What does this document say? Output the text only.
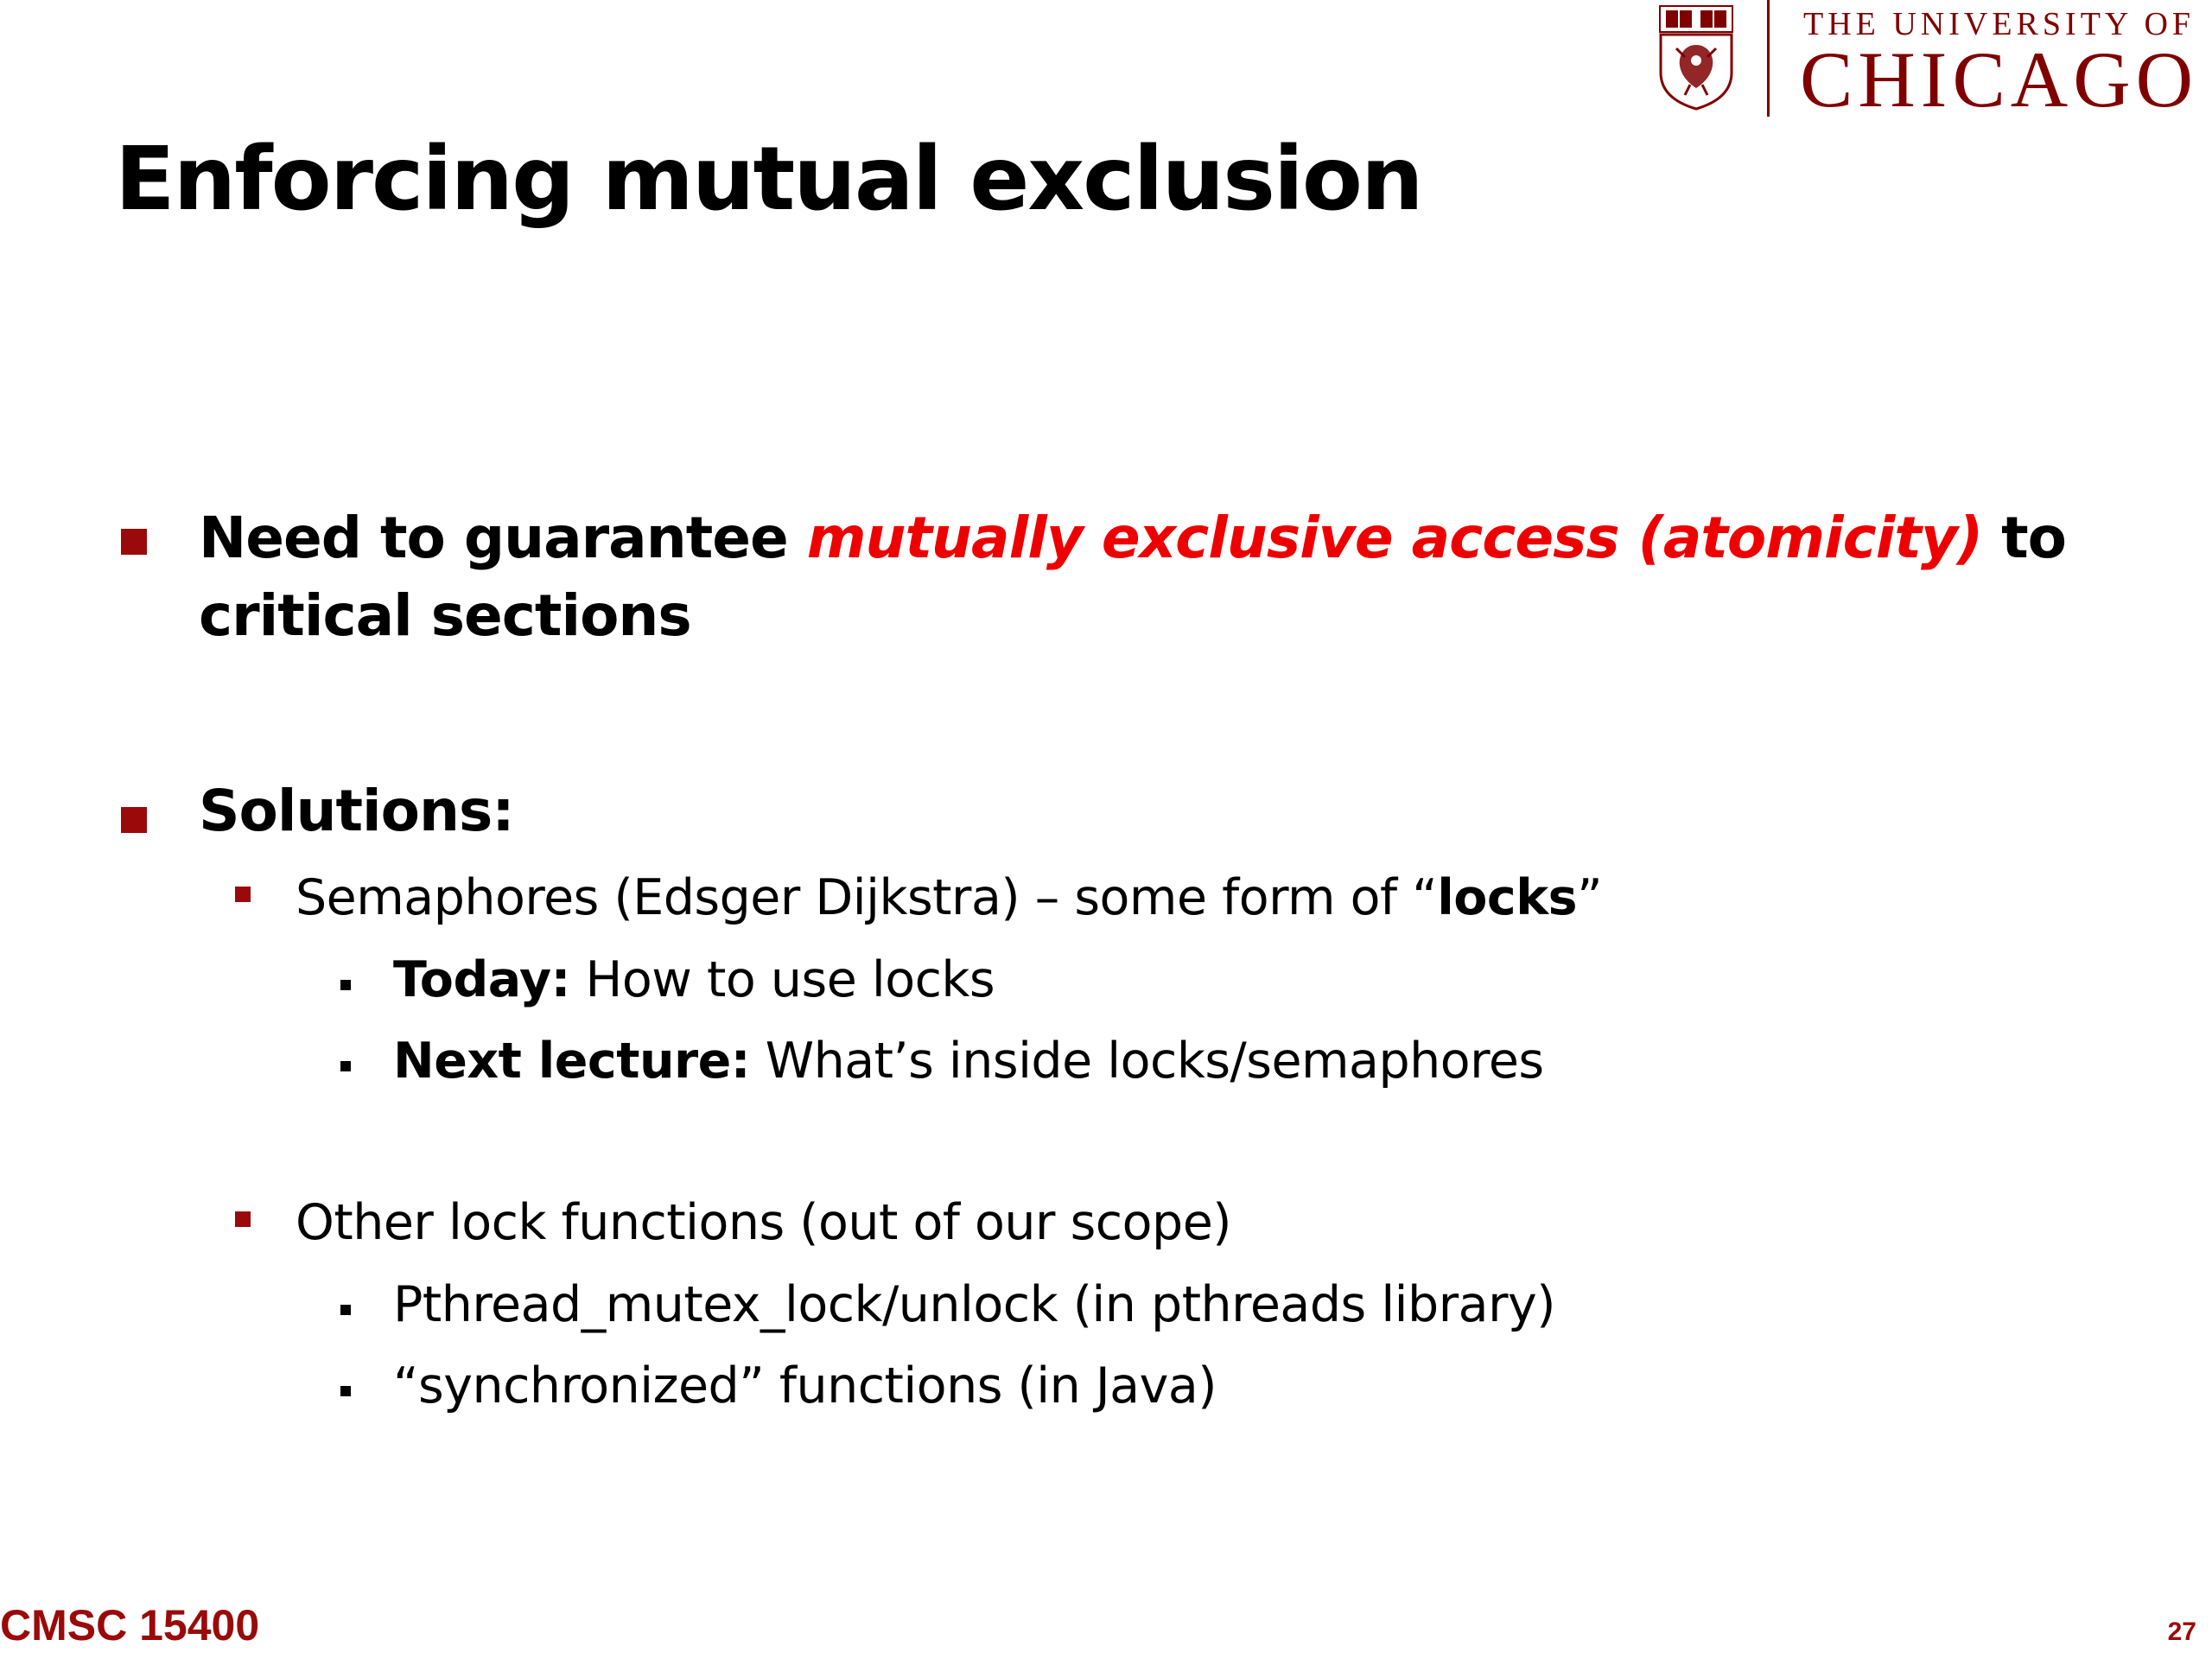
THE UNIVERSITY OF
CHICAGO
Enforcing mutual exclusion
Need to guarantee mutually exclusive access (atomicity) to
critical sections
Solutions:
Semaphores (Edsger Dijkstra) – some form of “locks”
Today: How to use locks
Next lecture: What’s inside locks/semaphores
Other lock functions (out of our scope)
Pthread_mutex_lock/unlock (in pthreads library)
“synchronized” functions (in Java)
CMSC 15400	27
